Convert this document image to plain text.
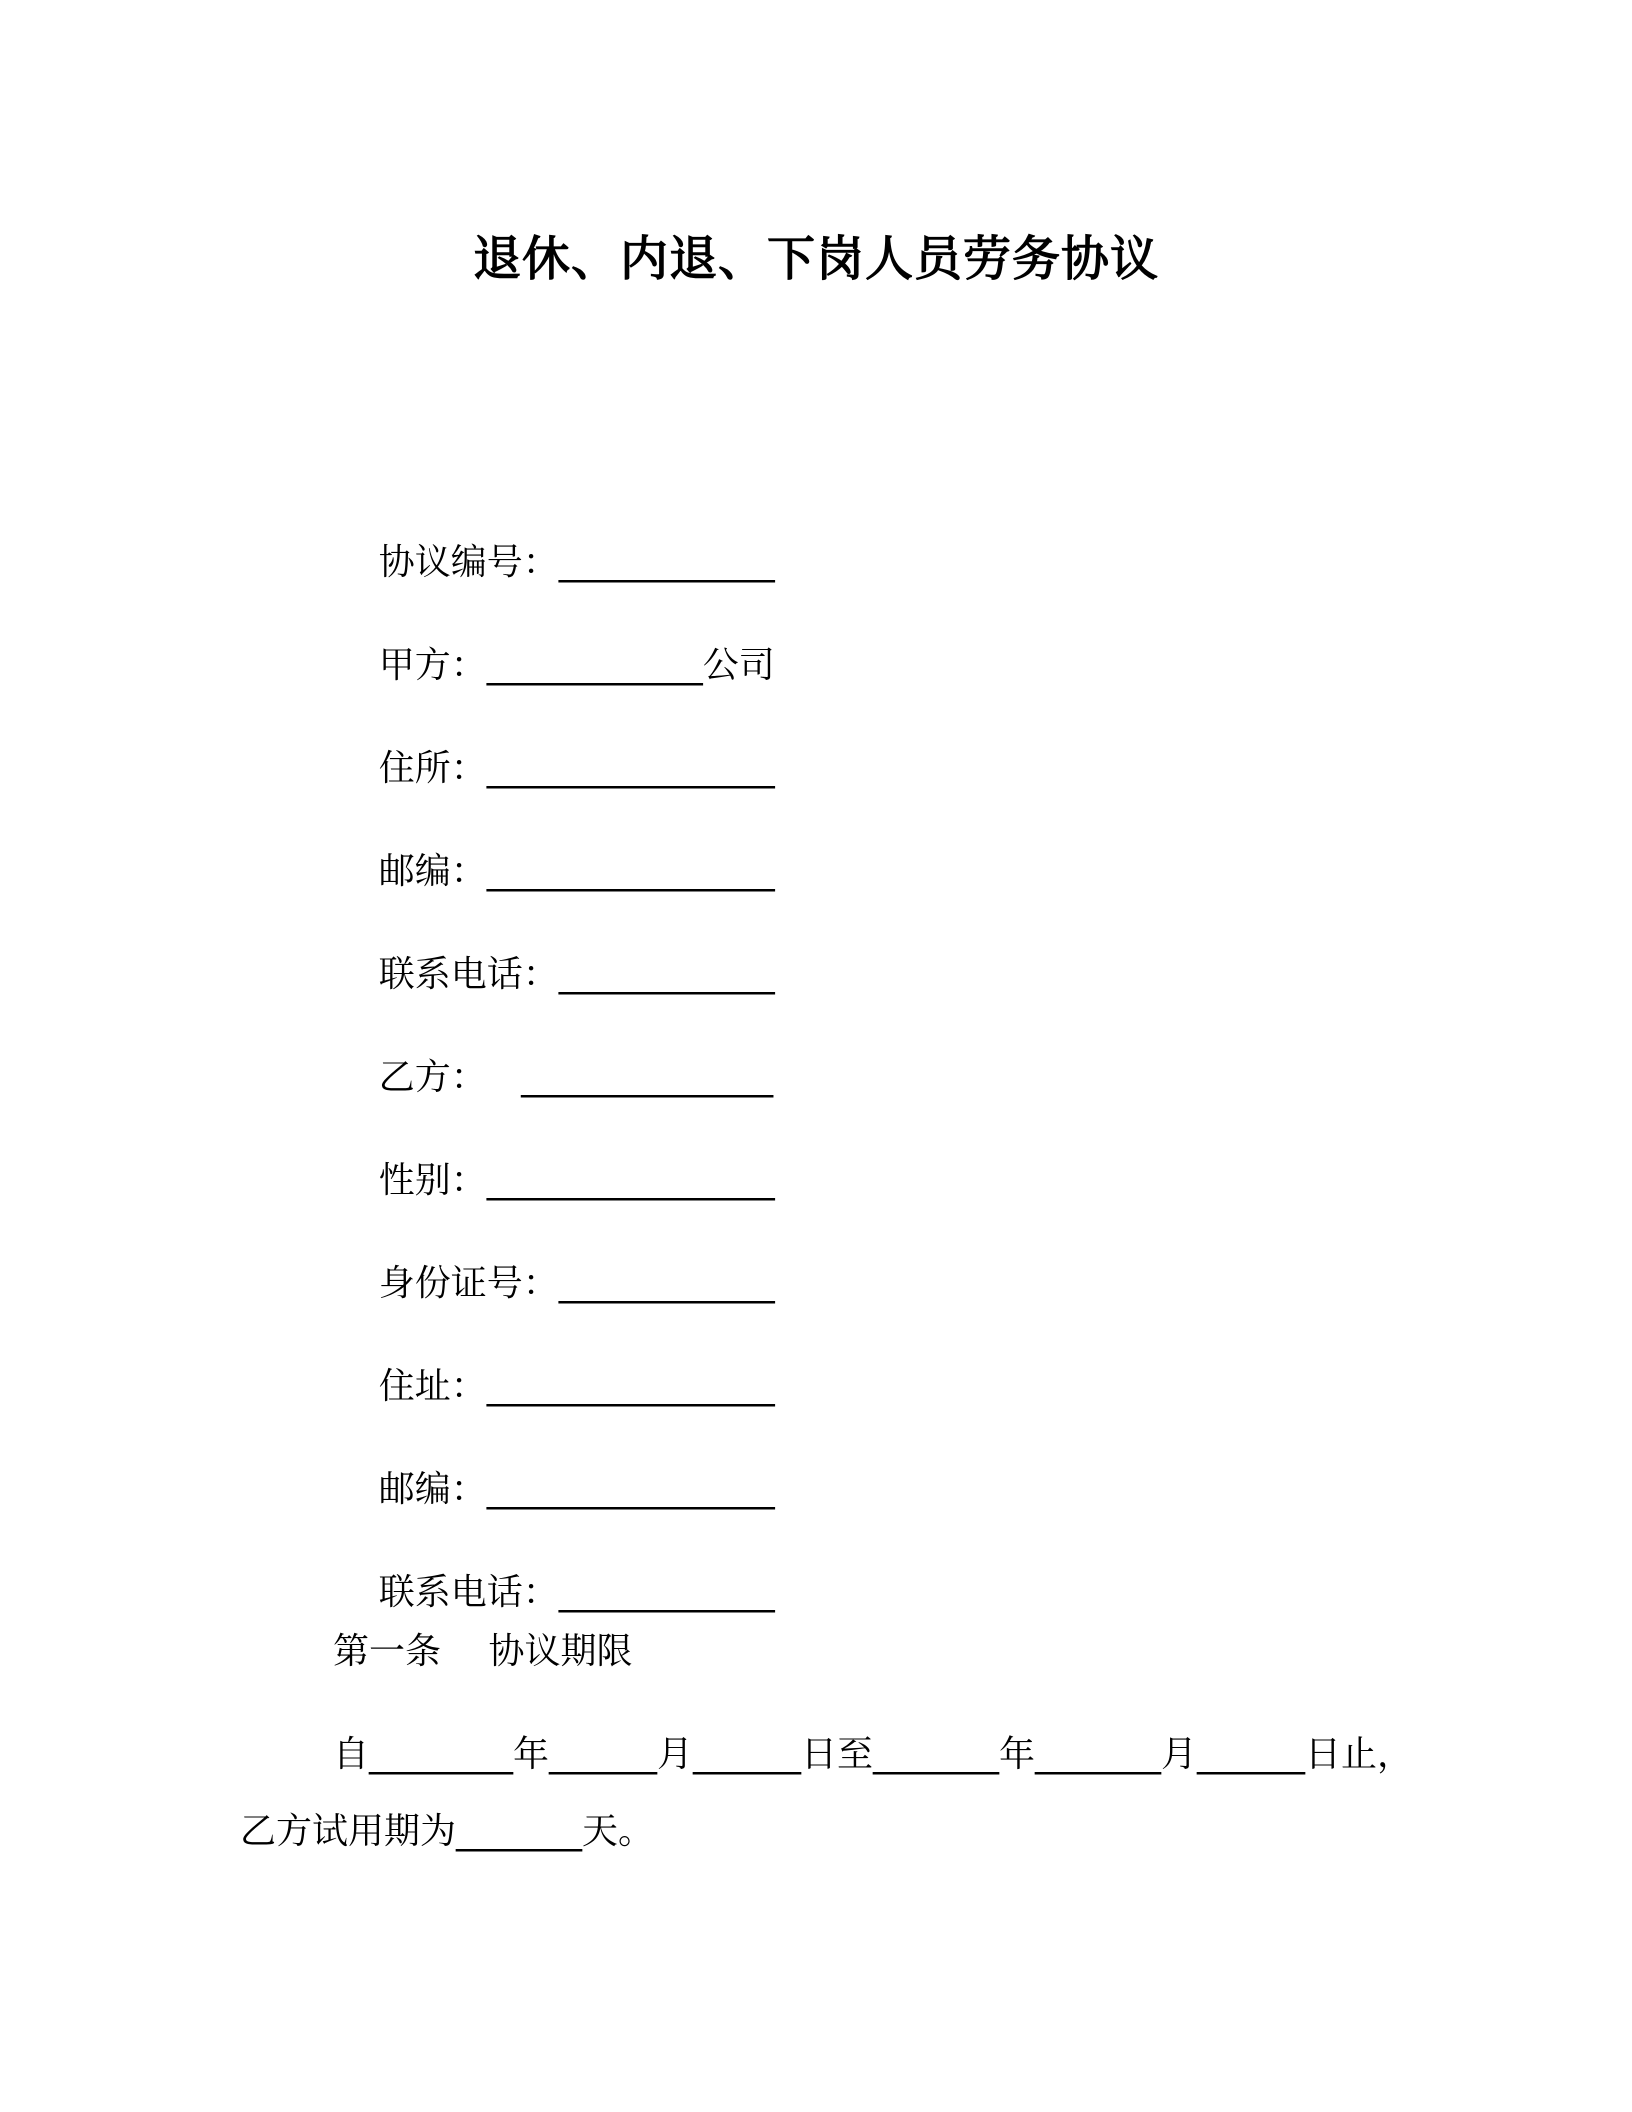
退休、内退、下岗人员劳务协议

协议编号：____________

甲方：____________公司

住所：________________

邮编：________________

联系电话：____________

乙方：   ______________

性别：________________

身份证号：____________

住址：________________

邮编：________________

联系电话：____________

第一条　 协议期限
自________年______月______日至_______年_______月______日止，
乙方试用期为_______天。
